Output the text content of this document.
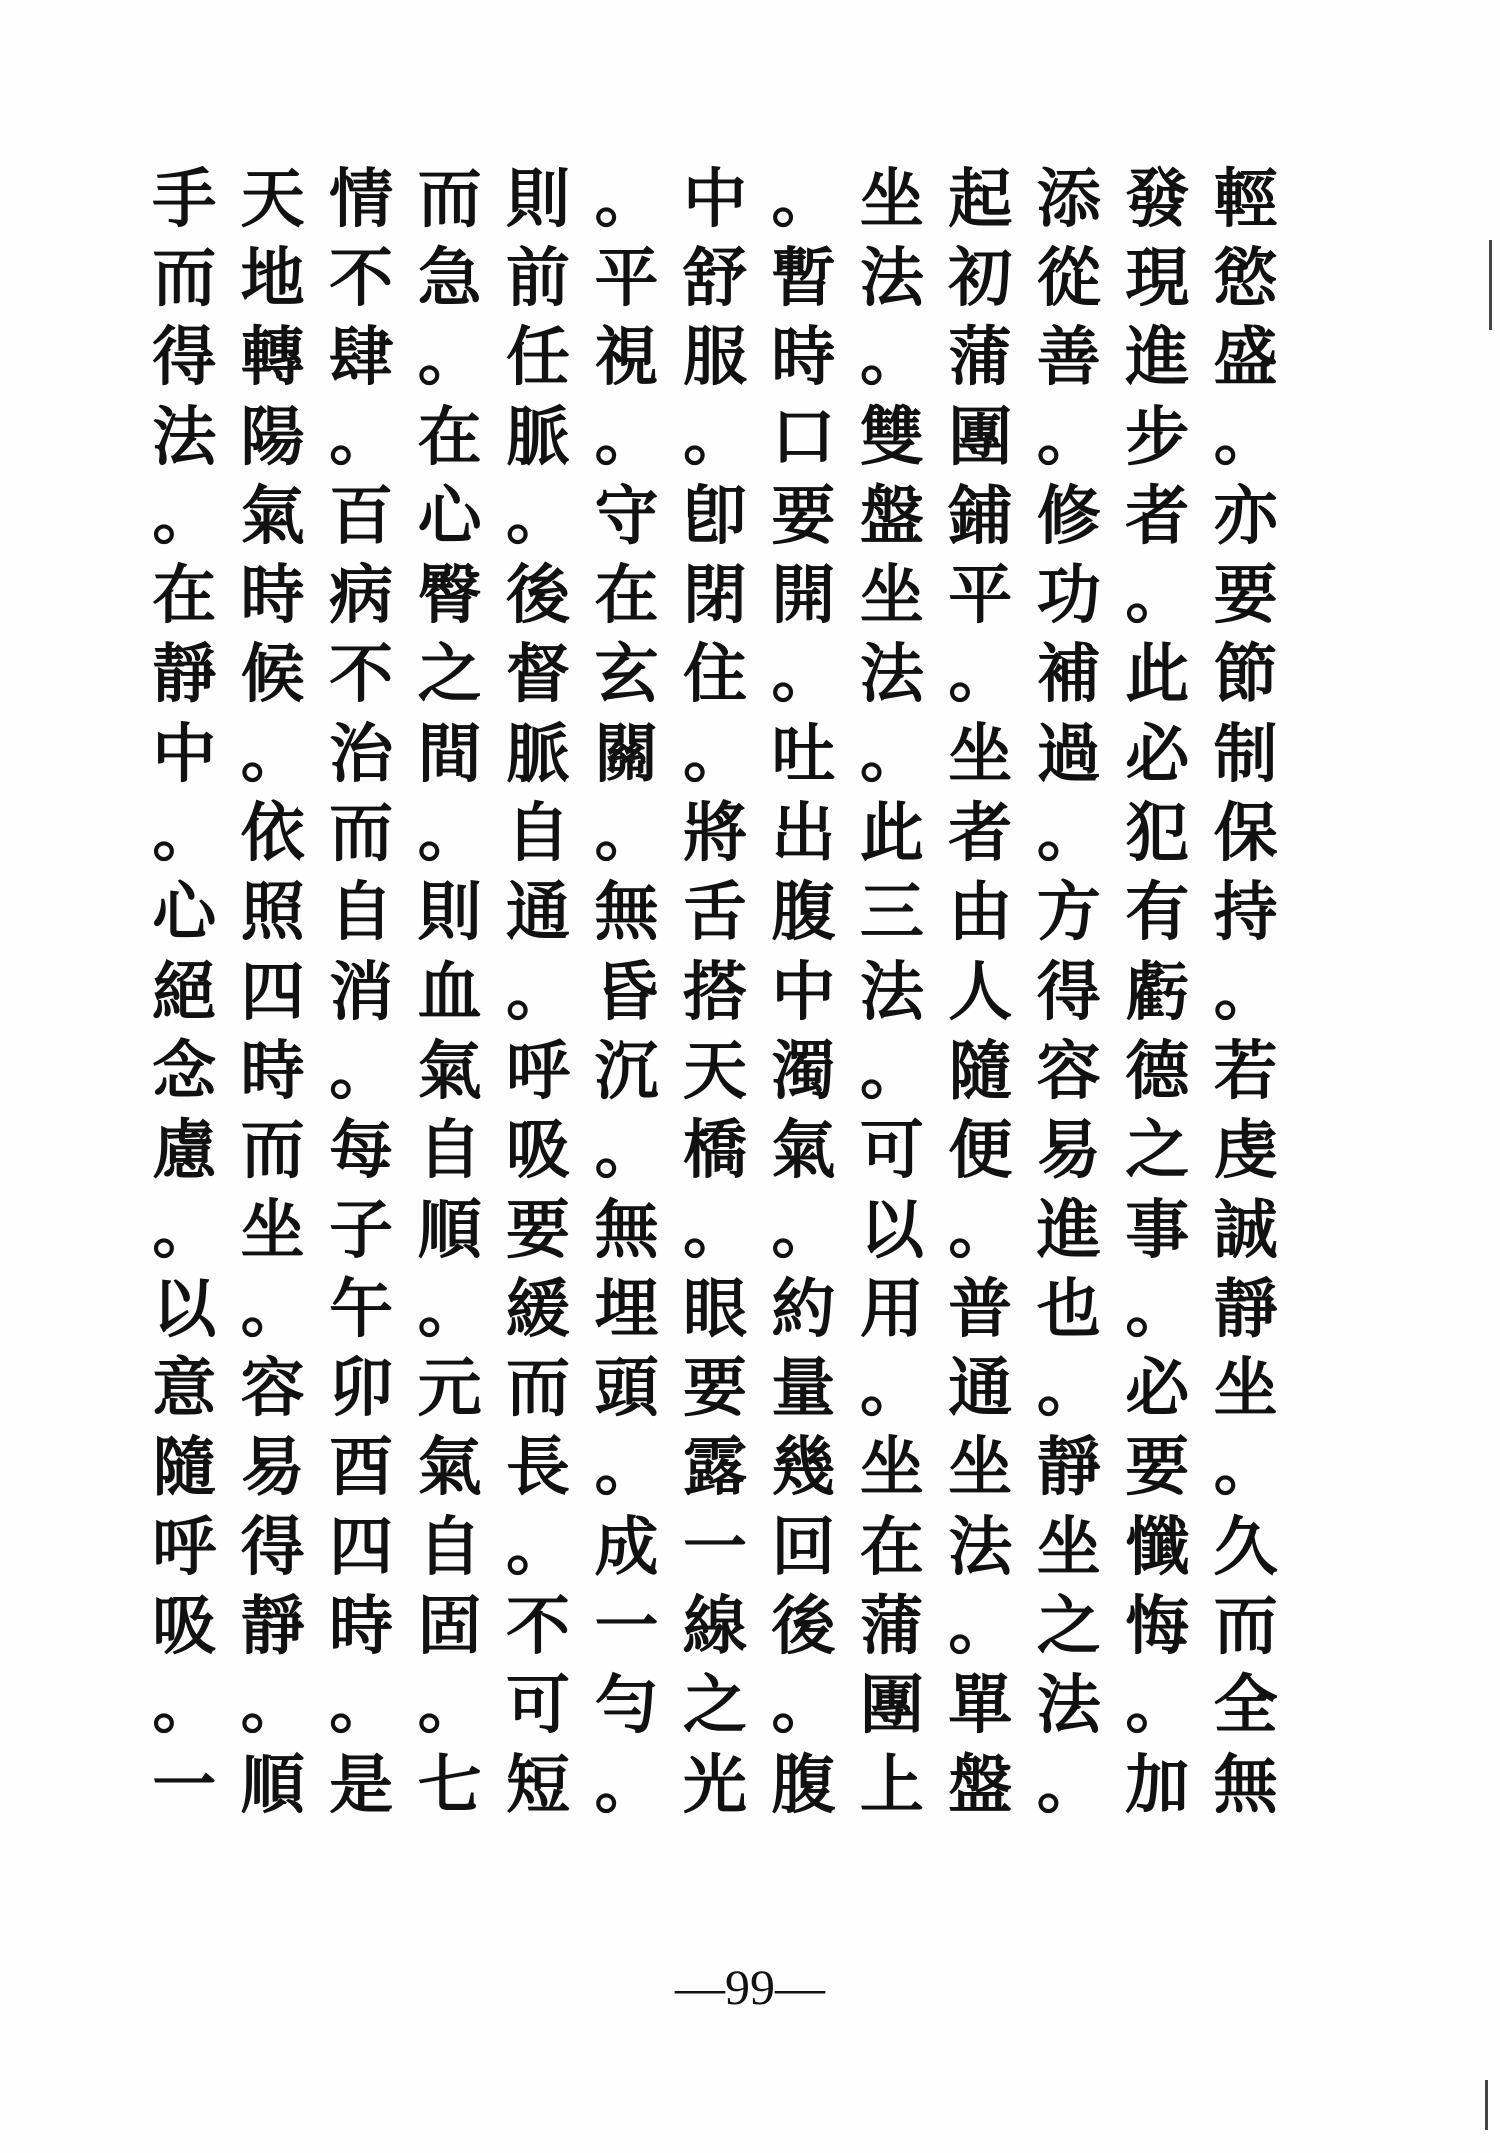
手 天 情 而 則 。 中 。 坐 起 添 發 輕
而 地 不 急 前 平 舒 暫 法 初 從 現 慾
得 轉 肆 。 任 視 服 時 。 蒲 善 進 盛
法 陽 。 在 脈 。 。 口 雙 團 。 步 。
。 氣 百 心 。 守 卽 要 盤 鋪 修 者 亦
在 時 病 臀 後 在 閉 開 坐 平 功 。 要
靜 候 不 之 督 玄 住 。 法 。 補 此 節
中 。 治 間 脈 關 。 吐 。 坐 過 必 制
。 依 而 。 自 。 將 出 此 者 。 犯 保
心 照 自 則 通 無 舌 腹 三 由 方 有 持
絕 四 消 血 。 昏 搭 中 法 人 得 虧 。
念 時 。 氣 呼 沉 天 濁 。 隨 容 德 若
慮 而 每 自 吸 。 橋 氣 可 便 易 之 虔
。 坐 子 順 要 無 。 。 以 。 進 事 誠
以 。 午 。 緩 埋 眼 約 用 普 也 。 靜
意 容 卯 元 而 頭 要 量 。 通 。 必 坐
隨 易 酉 氣 長 。 露 幾 坐 坐 靜 要 。
呼 得 四 自 。 成 一 回 在 法 坐 懺 久
吸 靜 時 固 不 一 線 後 蒲 。 之 悔 而
。 。 。 。 可 勻 之 。 團 單 法 。 全
一 順 是 七 短 。 光 腹 上 盤 。 加 無
—99—
